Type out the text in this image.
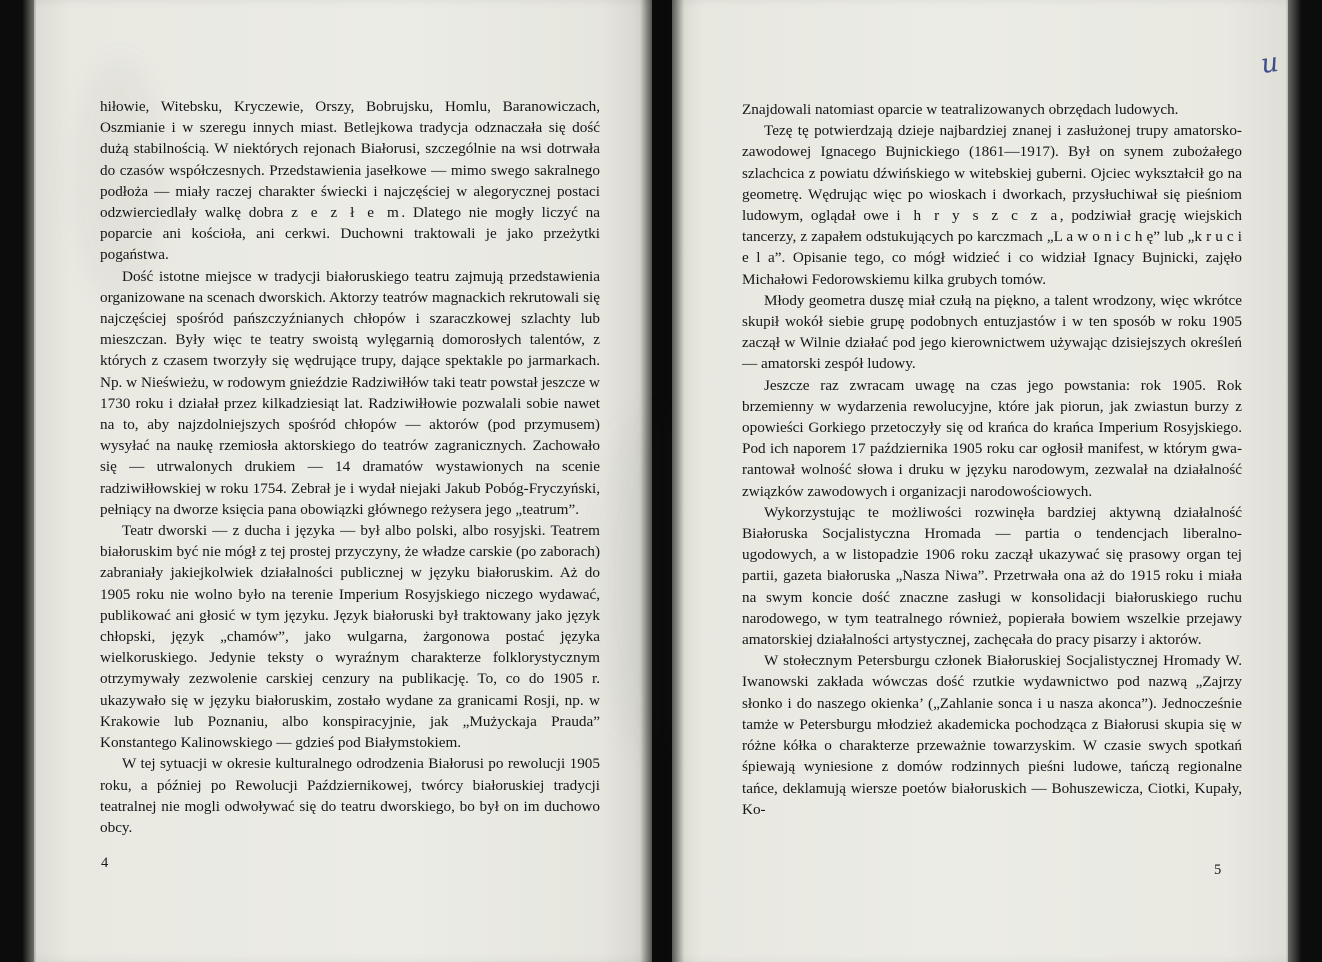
hiłowie, Witebsku, Kryczewie, Orszy, Bobrujsku, Homlu, Baranowiczach, Oszmianie i w szeregu innych miast. Betlejkowa tradycja odznaczała się dość dużą stabilnością. W niektórych rejonach Białorusi, szczególnie na wsi dotrwała do czasów współczesnych. Przedstawienia jasełkowe — mimo swego sakralnego podłoża — miały raczej charakter świecki i najczęściej w alegorycznej postaci odzwierciedlały walkę dobra z e z ł e m. Dlatego nie mogły liczyć na poparcie ani kościoła, ani cerkwi. Duchowni traktowali je jako przeżytki pogaństwa.

Dość istotne miejsce w tradycji białoruskiego teatru zajmują przedstawienia organizowane na scenach dworskich. Aktorzy teatrów magnackich rekrutowali się najczęściej spośród pańszczyźnianych chłopów i szaraczkowej szlachty lub mieszczan. Były więc te teatry swoistą wylęgarnią domorosłych talentów, z których z czasem tworzyły się wędrujące trupy, dające spektakle po jarmarkach. Np. w Nieświeżu, w rodowym gnieździe Radziwiłłów taki teatr powstał jeszcze w 1730 roku i działał przez kilkadziesiąt lat. Radziwiłłowie pozwalali sobie nawet na to, aby najzdolniejszych spośród chłopów — aktorów (pod przymusem) wysyłać na naukę rzemiosła aktorskiego do teatrów zagranicznych. Zachowało się — utrwalonych drukiem — 14 dramatów wystawionych na scenie radziwiłłowskiej w roku 1754. Zebrał je i wydał niejaki Jakub Pobóg-Fryczyński, pełniący na dworze księcia pana obowiązki głównego reżysera jego „teatrum”.

Teatr dworski — z ducha i języka — był albo polski, albo rosyjski. Teatrem białoruskim być nie mógł z tej prostej przyczyny, że władze carskie (po zaborach) zabraniały jakiejkolwiek działalności publicznej w języku białoruskim. Aż do 1905 roku nie wolno było na terenie Imperium Rosyjskiego niczego wydawać, publikować ani głosić w tym języku. Język białoruski był traktowany jako język chłopski, język „chamów”, jako wulgarna, żargonowa postać języka wielkoruskiego. Jedynie teksty o wyraźnym charakterze folklorystycznym otrzymywały zezwolenie carskiej cenzury na publikację. To, co do 1905 r. ukazywało się w języku białoruskim, zostało wydane za granicami Rosji, np. w Krakowie lub Poznaniu, albo konspiracyjnie, jak „Mużyckaja Prauda” Konstantego Kalinowskiego — gdzieś pod Białymstokiem.

W tej sytuacji w okresie kulturalnego odrodzenia Białorusi po rewolucji 1905 roku, a później po Rewolucji Październikowej, twórcy białoruskiej tradycji teatralnej nie mogli odwoływać się do teatru dworskiego, bo był on im duchowo obcy.

Znajdowali natomiast oparcie w teatralizowanych obrzędach ludowych.

Tezę tę potwierdzają dzieje najbardziej znanej i zasłużonej trupy amatorsko-zawodowej Ignacego Bujnickiego (1861—1917). Był on synem zubożałego szlachcica z powiatu dźwińskiego w witebskiej guberni. Ojciec wykształcił go na geometrę. Wędrując więc po wioskach i dworkach, przysłuchiwał się pieśniom ludowym, oglądał owe i h r y s z c z a, podziwiał grację wiejskich tancerzy, z zapałem odstukujących po karczmach „L a w o n i c h ę” lub „k r u c i e l a”. Opisanie tego, co mógł widzieć i co widział Ignacy Bujnicki, zajęło Michałowi Fedorowskiemu kilka grubych tomów.

Młody geometra duszę miał czułą na piękno, a talent wrodzony, więc wkrótce skupił wokół siebie grupę podobnych entuzjastów i w ten sposób w roku 1905 zaczął w Wilnie działać pod jego kierownictwem używając dzisiejszych określeń — amatorski zespół ludowy.

Jeszcze raz zwracam uwagę na czas jego powstania: rok 1905. Rok brzemienny w wydarzenia rewolucyjne, które jak piorun, jak zwiastun burzy z opowieści Gorkiego przetoczyły się od krańca do krańca Imperium Rosyjskiego. Pod ich naporem 17 października 1905 roku car ogłosił manifest, w którym gwarantował wolność słowa i druku w języku narodowym, zezwalał na działalność związków zawodowych i organizacji narodowościowych.

Wykorzystując te możliwości rozwinęła bardziej aktywną działalność Białoruska Socjalistyczna Hromada — partia o tendencjach liberalno-ugodowych, a w listopadzie 1906 roku zaczął ukazywać się prasowy organ tej partii, gazeta białoruska „Nasza Niwa”. Przetrwała ona aż do 1915 roku i miała na swym koncie dość znaczne zasługi w konsolidacji białoruskiego ruchu narodowego, w tym teatralnego również, popierała bowiem wszelkie przejawy amatorskiej działalności artystycznej, zachęcała do pracy pisarzy i aktorów.

W stołecznym Petersburgu członek Białoruskiej Socjalistycznej Hromady W. Iwanowski zakłada wówczas dość rzutkie wydawnictwo pod nazwą „Zajrzy słonko i do naszego okienka’ („Zahlanie sonca i u nasza akonca”). Jednocześnie tamże w Petersburgu młodzież akademicka pochodząca z Białorusi skupia się w różne kółka o charakterze przeważnie towarzyskim. W czasie swych spotkań śpiewają wyniesione z domów rodzinnych pieśni ludowe, tańczą regionalne tańce, deklamują wiersze poetów białoruskich — Bohuszewicza, Ciotki, Kupały, Ko-

4	5
u
